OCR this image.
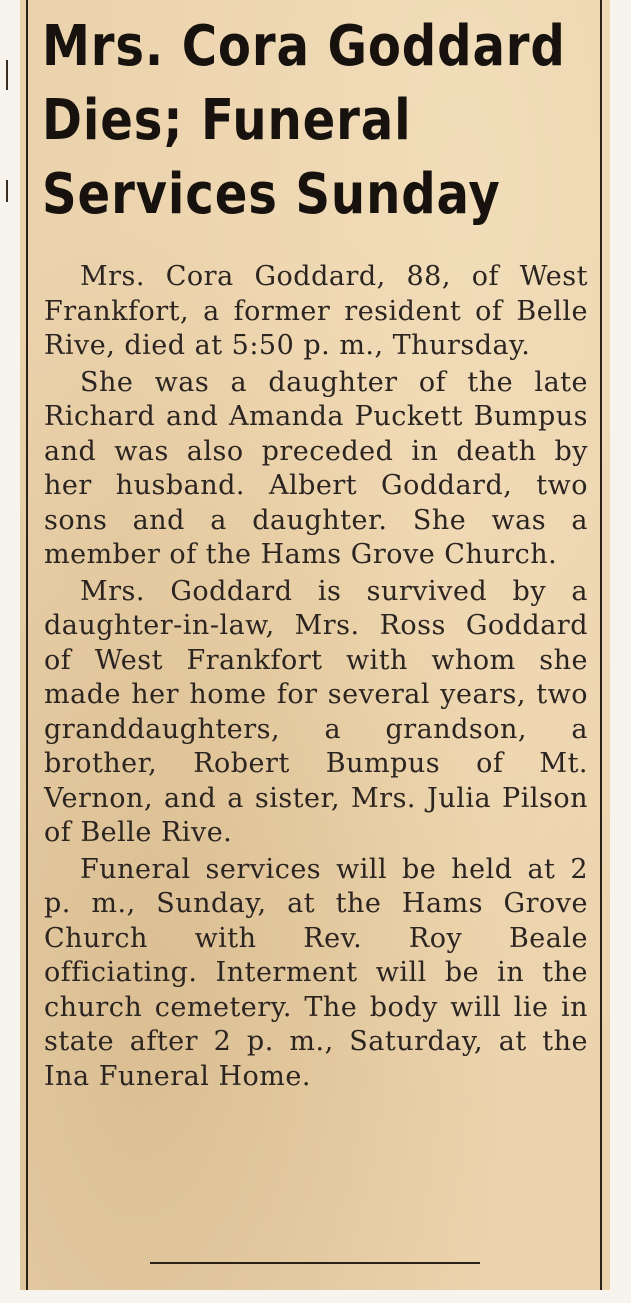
Mrs. Cora Goddard
Dies; Funeral
Services Sunday

Mrs. Cora Goddard, 88, of West Frankfort, a former resident of Belle Rive, died at 5:50 p. m., Thursday.

She was a daughter of the late Richard and Amanda Puckett Bumpus and was also preceded in death by her husband. Albert Goddard, two sons and a daughter. She was a member of the Hams Grove Church.

Mrs. Goddard is survived by a daughter-in-law, Mrs. Ross Goddard of West Frankfort with whom she made her home for several years, two granddaughters, a grandson, a brother, Robert Bumpus of Mt. Vernon, and a sister, Mrs. Julia Pilson of Belle Rive.

Funeral services will be held at 2 p. m., Sunday, at the Hams Grove Church with Rev. Roy Beale officiating. Interment will be in the church cemetery. The body will lie in state after 2 p. m., Saturday, at the Ina Funeral Home.
